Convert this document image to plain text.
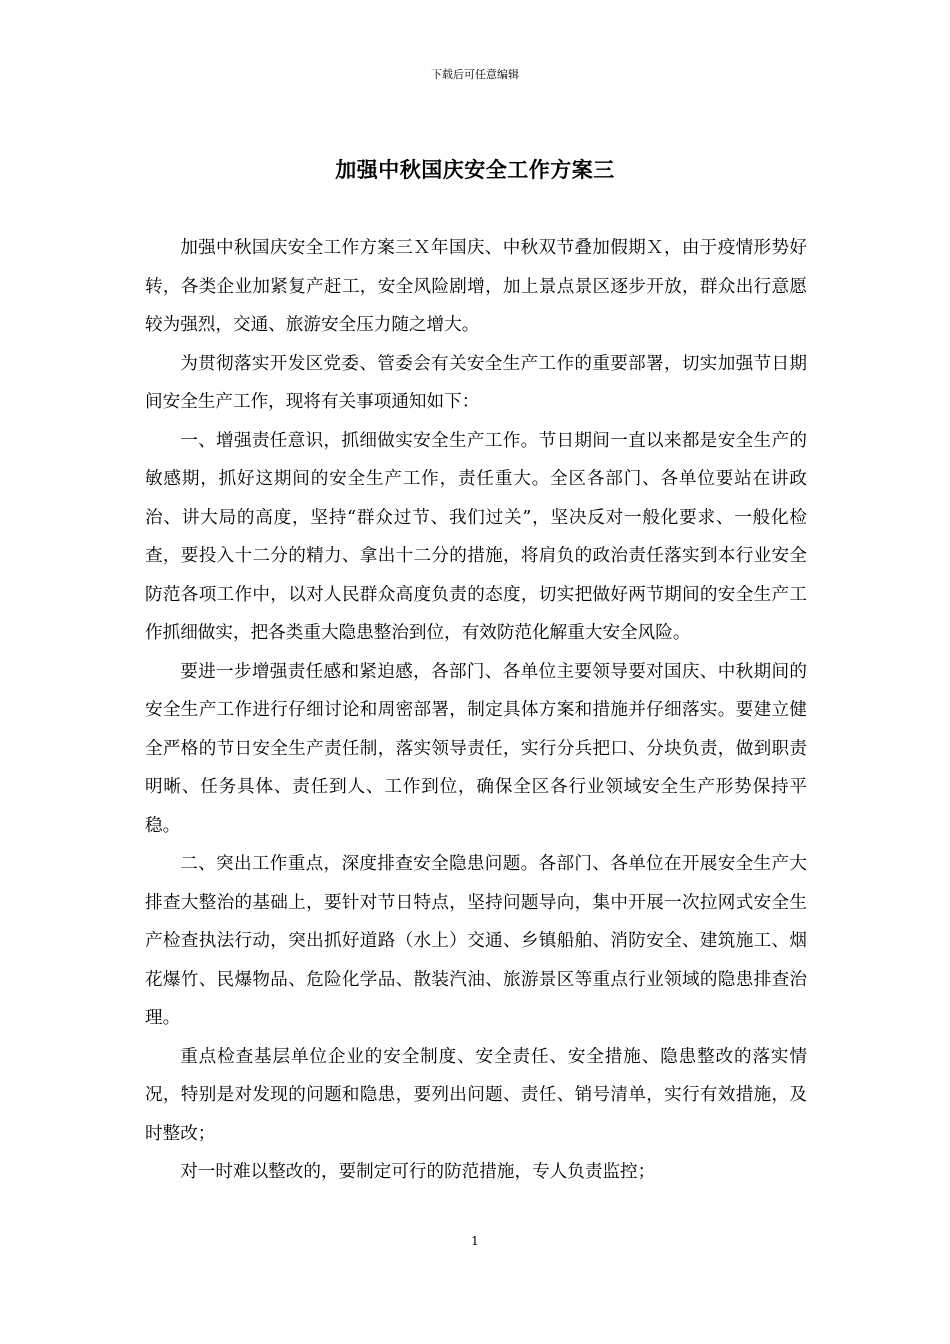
下载后可任意编辑
加强中秋国庆安全工作方案三

加强中秋国庆安全工作方案三Ｘ年国庆、中秋双节叠加假期Ｘ，由于疫情形势好转，各类企业加紧复产赶工，安全风险剧增，加上景点景区逐步开放，群众出行意愿较为强烈，交通、旅游安全压力随之增大。

为贯彻落实开发区党委、管委会有关安全生产工作的重要部署，切实加强节日期间安全生产工作，现将有关事项通知如下：

一、增强责任意识，抓细做实安全生产工作。节日期间一直以来都是安全生产的敏感期，抓好这期间的安全生产工作，责任重大。全区各部门、各单位要站在讲政治、讲大局的高度，坚持“群众过节、我们过关”，坚决反对一般化要求、一般化检查，要投入十二分的精力、拿出十二分的措施，将肩负的政治责任落实到本行业安全防范各项工作中，以对人民群众高度负责的态度，切实把做好两节期间的安全生产工作抓细做实，把各类重大隐患整治到位，有效防范化解重大安全风险。

要进一步增强责任感和紧迫感，各部门、各单位主要领导要对国庆、中秋期间的安全生产工作进行仔细讨论和周密部署，制定具体方案和措施并仔细落实。要建立健全严格的节日安全生产责任制，落实领导责任，实行分兵把口、分块负责，做到职责明晰、任务具体、责任到人、工作到位，确保全区各行业领域安全生产形势保持平稳。

二、突出工作重点，深度排查安全隐患问题。各部门、各单位在开展安全生产大排查大整治的基础上，要针对节日特点，坚持问题导向，集中开展一次拉网式安全生产检查执法行动，突出抓好道路（水上）交通、乡镇船舶、消防安全、建筑施工、烟花爆竹、民爆物品、危险化学品、散装汽油、旅游景区等重点行业领域的隐患排查治理。

重点检查基层单位企业的安全制度、安全责任、安全措施、隐患整改的落实情况，特别是对发现的问题和隐患，要列出问题、责任、销号清单，实行有效措施，及时整改；

对一时难以整改的，要制定可行的防范措施，专人负责监控；

1
